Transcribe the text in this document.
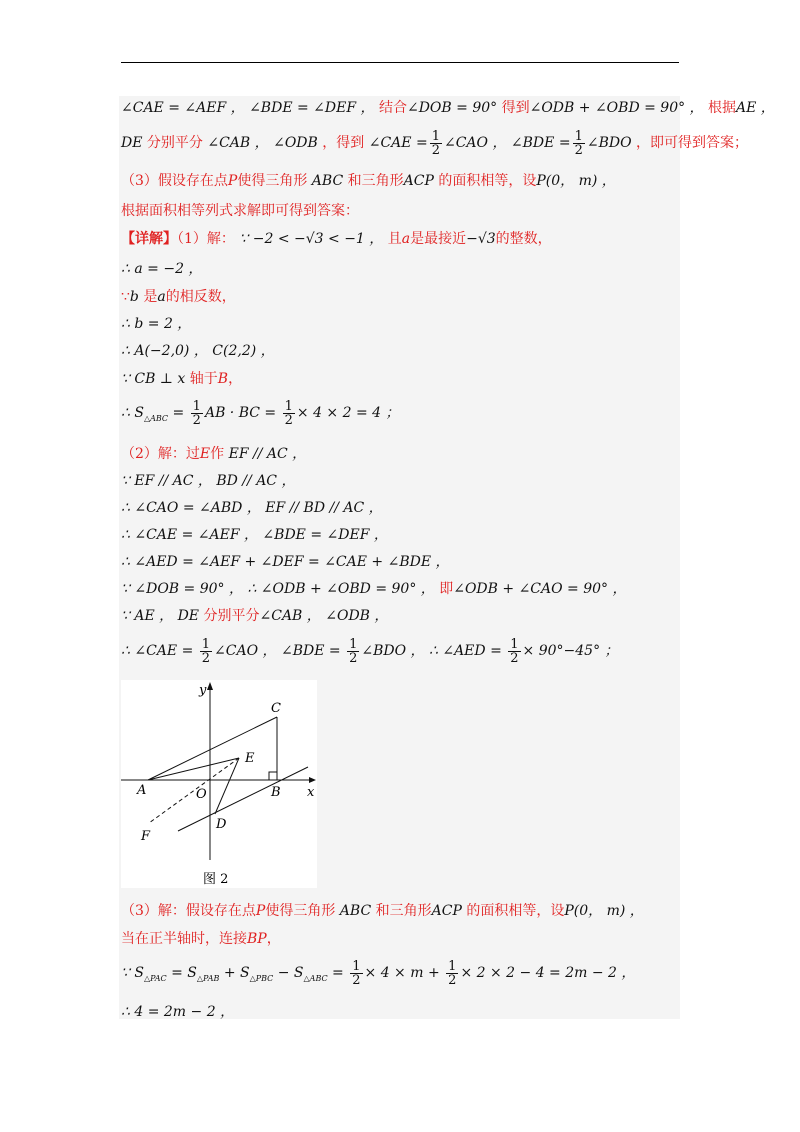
∠CAE = ∠AEF ， ∠BDE = ∠DEF ， 结合∠DOB = 90° 得到∠ODB + ∠OBD = 90° ， 根据AE ，
DE 分别平分 ∠CAB ， ∠ODB ，得到 ∠CAE = $\frac{1}{2}$ ∠CAO ， ∠BDE = $\frac{1}{2}$ ∠BDO ，即可得到答案；
（3）假设存在点P使得三角形 ABC 和三角形ACP 的面积相等，设P(0， m) ，
根据面积相等列式求解即可得到答案：
【详解】（1）解： ∵ −2 < −√3 < −1 ， 且a是最接近−√3的整数，
∴ a = −2 ，
∵b 是a的相反数，
∴ b = 2 ，
∴ A(−2,0) ， C(2,2) ，
∵ CB ⊥ x 轴于B，
∴ $S_{\triangle ABC} = \frac{1}{2}$ AB · BC = $\frac{1}{2} \times 4 \times 2 = 4$ ；
（2）解：过E作 EF // AC ，
∵ EF // AC ， BD // AC ，
∴ ∠CAO = ∠ABD ， EF // BD // AC ，
∴ ∠CAE = ∠AEF ， ∠BDE = ∠DEF ，
∴ ∠AED = ∠AEF + ∠DEF = ∠CAE + ∠BDE ，
∵ ∠DOB = 90° ， ∴ ∠ODB + ∠OBD = 90° ， 即∠ODB + ∠CAO = 90° ，
∵ AE ， DE 分别平分∠CAB ， ∠ODB ，
∴ ∠CAE = $\frac{1}{2}$ ∠CAO ， ∠BDE = $\frac{1}{2}$ ∠BDO ， ∴ ∠AED = $\frac{1}{2} \times 90^\circ-45^\circ$ ；
y
x
C
E
A	O	B
D
F
图 2
（3）解：假设存在点P使得三角形 ABC 和三角形ACP 的面积相等，设P(0， m) ，
当在正半轴时，连接BP，
∵ $S_{\triangle PAC} = S_{\triangle PAB} + S_{\triangle PBC} - S_{\triangle ABC} = \frac{1}{2} \times 4 \times m + \frac{1}{2} \times 2 \times 2 - 4 = 2m - 2$ ，
∴ 4 = 2m − 2 ，
